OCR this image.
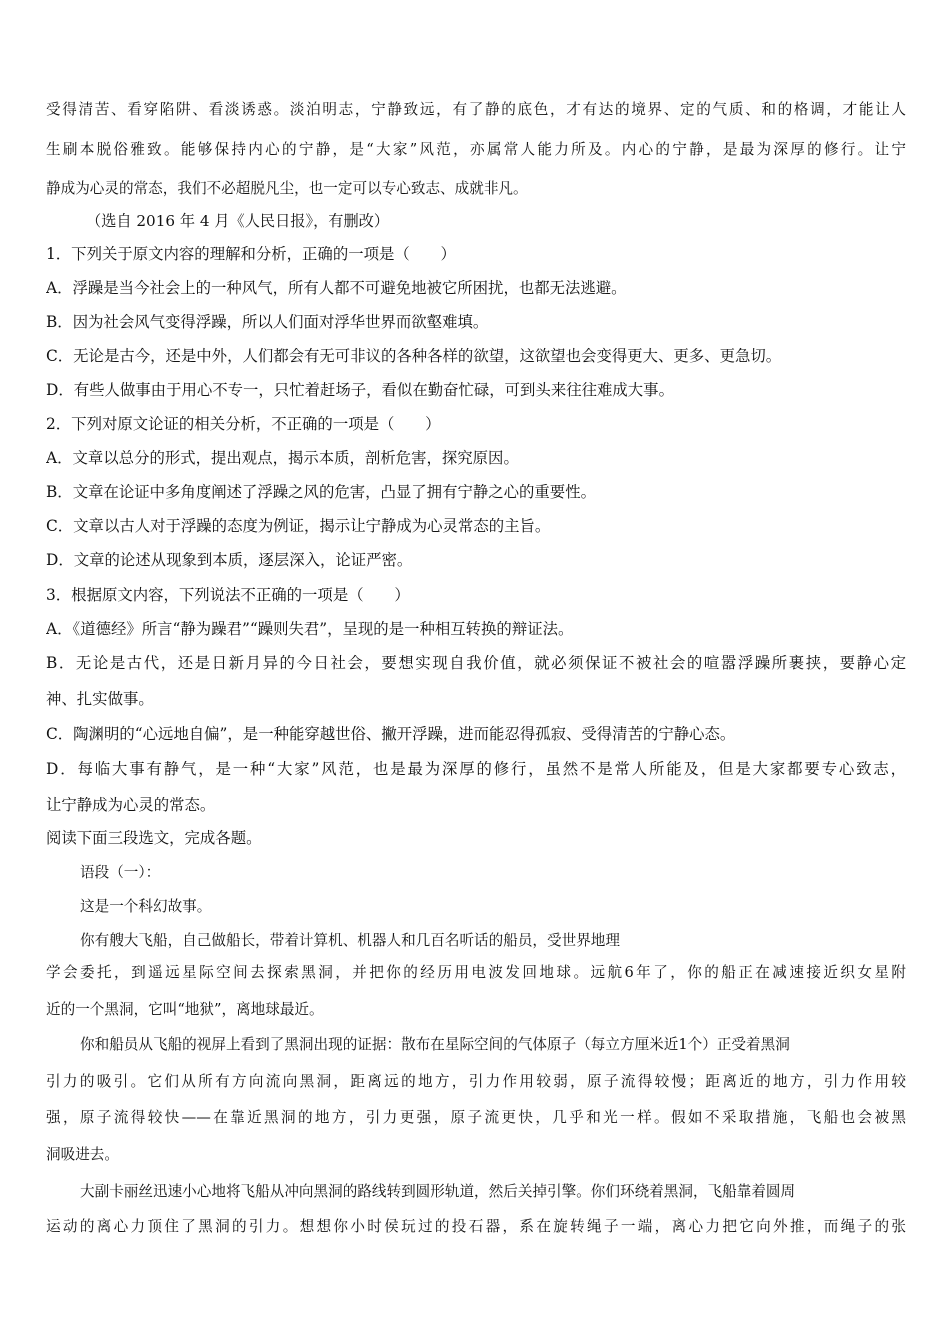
受得清苦、看穿陷阱、看淡诱惑。淡泊明志，宁静致远，有了静的底色，才有达的境界、定的气质、和的格调，才能让人
生刷本脱俗雅致。能够保持内心的宁静，是“大家”风范，亦属常人能力所及。内心的宁静，是最为深厚的修行。让宁
静成为心灵的常态，我们不必超脱凡尘，也一定可以专心致志、成就非凡。
（选自 2016 年 4 月《人民日报》，有删改）
1．下列关于原文内容的理解和分析，正确的一项是（　　）
A．浮躁是当今社会上的一种风气，所有人都不可避免地被它所困扰，也都无法逃避。
B．因为社会风气变得浮躁，所以人们面对浮华世界而欲壑难填。
C．无论是古今，还是中外，人们都会有无可非议的各种各样的欲望，这欲望也会变得更大、更多、更急切。
D．有些人做事由于用心不专一，只忙着赶场子，看似在勤奋忙碌，可到头来往往难成大事。
2．下列对原文论证的相关分析，不正确的一项是（　　）
A．文章以总分的形式，提出观点，揭示本质，剖析危害，探究原因。
B．文章在论证中多角度阐述了浮躁之风的危害，凸显了拥有宁静之心的重要性。
C．文章以古人对于浮躁的态度为例证，揭示让宁静成为心灵常态的主旨。
D．文章的论述从现象到本质，逐层深入，论证严密。
3．根据原文内容，下列说法不正确的一项是（　　）
A．《道德经》所言“静为躁君”“躁则失君”，呈现的是一种相互转换的辩证法。
B．无论是古代，还是日新月异的今日社会，要想实现自我价值，就必须保证不被社会的喧嚣浮躁所裹挟，要静心定
神、扎实做事。
C．陶渊明的“心远地自偏”，是一种能穿越世俗、撇开浮躁，进而能忍得孤寂、受得清苦的宁静心态。
D．每临大事有静气，是一种“大家”风范，也是最为深厚的修行，虽然不是常人所能及，但是大家都要专心致志，
让宁静成为心灵的常态。
阅读下面三段选文，完成各题。
语段（一）：
这是一个科幻故事。
你有艘大飞船，自己做船长，带着计算机、机器人和几百名听话的船员，受世界地理
学会委托，到遥远星际空间去探索黑洞，并把你的经历用电波发回地球。远航6年了，你的船正在减速接近织女星附
近的一个黑洞，它叫“地狱”，离地球最近。
你和船员从飞船的视屏上看到了黑洞出现的证据：散布在星际空间的气体原子（每立方厘米近1个）正受着黑洞
引力的吸引。它们从所有方向流向黑洞，距离远的地方，引力作用较弱，原子流得较慢；距离近的地方，引力作用较
强，原子流得较快——在靠近黑洞的地方，引力更强，原子流更快，几乎和光一样。假如不采取措施，飞船也会被黑
洞吸进去。
大副卡丽丝迅速小心地将飞船从冲向黑洞的路线转到圆形轨道，然后关掉引擎。你们环绕着黑洞，飞船靠着圆周
运动的离心力顶住了黑洞的引力。想想你小时侯玩过的投石器，系在旋转绳子一端，离心力把它向外推，而绳子的张
